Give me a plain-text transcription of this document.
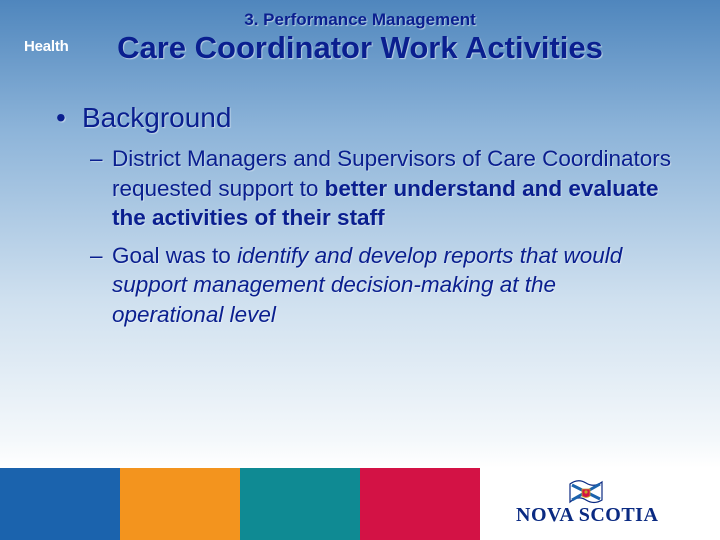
3. Performance Management
Care Coordinator Work Activities
• Background
– District Managers and Supervisors of Care Coordinators requested support to better understand and evaluate the activities of their staff
– Goal was to identify and develop reports that would support management decision-making at the operational level
Health
NOVA SCOTIA
